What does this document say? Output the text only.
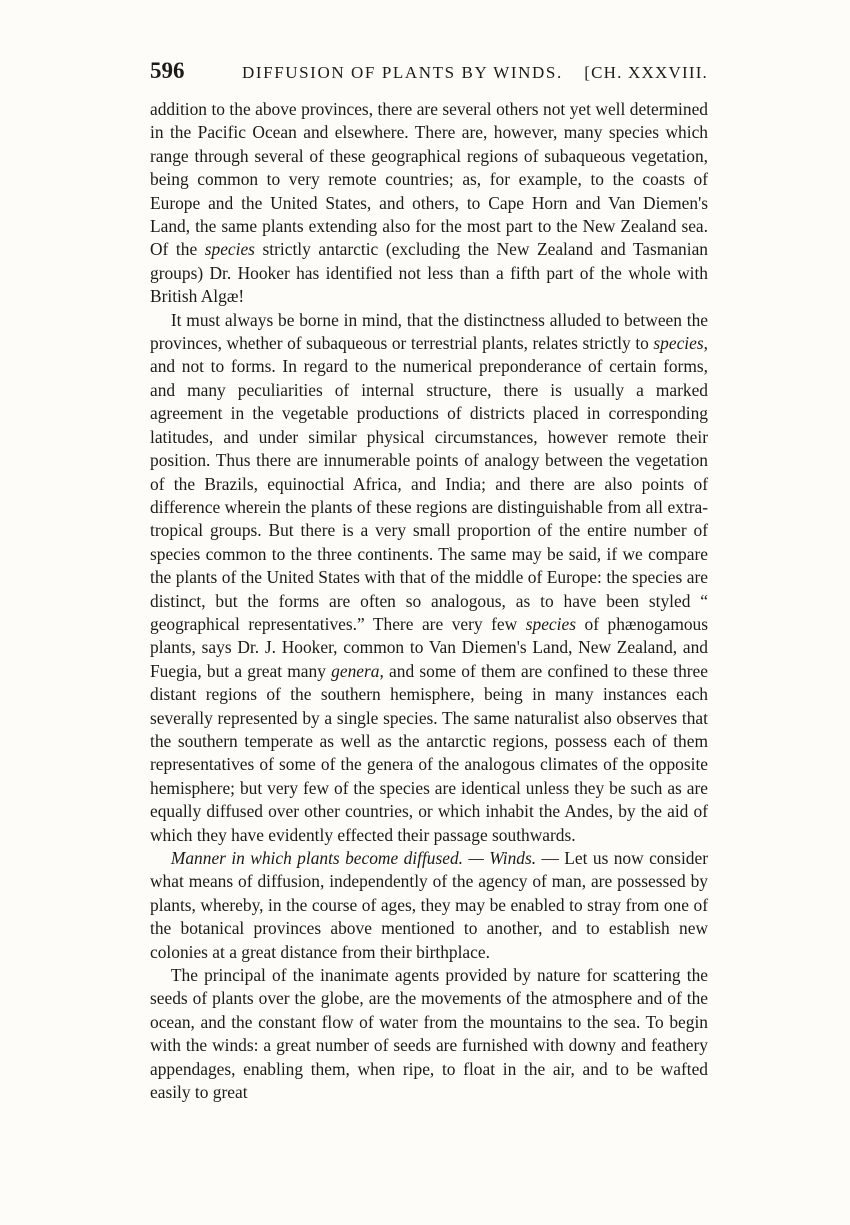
596	DIFFUSION OF PLANTS BY WINDS. [CH. XXXVIII.

addition to the above provinces, there are several others not yet well determined in the Pacific Ocean and elsewhere. There are, however, many species which range through several of these geographical regions of subaqueous vegetation, being common to very remote countries; as, for example, to the coasts of Europe and the United States, and others, to Cape Horn and Van Diemen's Land, the same plants extending also for the most part to the New Zealand sea. Of the species strictly antarctic (excluding the New Zealand and Tasmanian groups) Dr. Hooker has identified not less than a fifth part of the whole with British Algæ!

It must always be borne in mind, that the distinctness alluded to between the provinces, whether of subaqueous or terrestrial plants, relates strictly to species, and not to forms. In regard to the numerical preponderance of certain forms, and many peculiarities of internal structure, there is usually a marked agreement in the vegetable productions of districts placed in corresponding latitudes, and under similar physical circumstances, however remote their position. Thus there are innumerable points of analogy between the vegetation of the Brazils, equinoctial Africa, and India; and there are also points of difference wherein the plants of these regions are distinguishable from all extra-tropical groups. But there is a very small proportion of the entire number of species common to the three continents. The same may be said, if we compare the plants of the United States with that of the middle of Europe: the species are distinct, but the forms are often so analogous, as to have been styled “ geographical representatives.” There are very few species of phænogamous plants, says Dr. J. Hooker, common to Van Diemen's Land, New Zealand, and Fuegia, but a great many genera, and some of them are confined to these three distant regions of the southern hemisphere, being in many instances each severally represented by a single species. The same naturalist also observes that the southern temperate as well as the antarctic regions, possess each of them representatives of some of the genera of the analogous climates of the opposite hemisphere; but very few of the species are identical unless they be such as are equally diffused over other countries, or which inhabit the Andes, by the aid of which they have evidently effected their passage southwards.

Manner in which plants become diffused. — Winds. — Let us now consider what means of diffusion, independently of the agency of man, are possessed by plants, whereby, in the course of ages, they may be enabled to stray from one of the botanical provinces above mentioned to another, and to establish new colonies at a great distance from their birthplace.

The principal of the inanimate agents provided by nature for scattering the seeds of plants over the globe, are the movements of the atmosphere and of the ocean, and the constant flow of water from the mountains to the sea. To begin with the winds: a great number of seeds are furnished with downy and feathery appendages, enabling them, when ripe, to float in the air, and to be wafted easily to great
